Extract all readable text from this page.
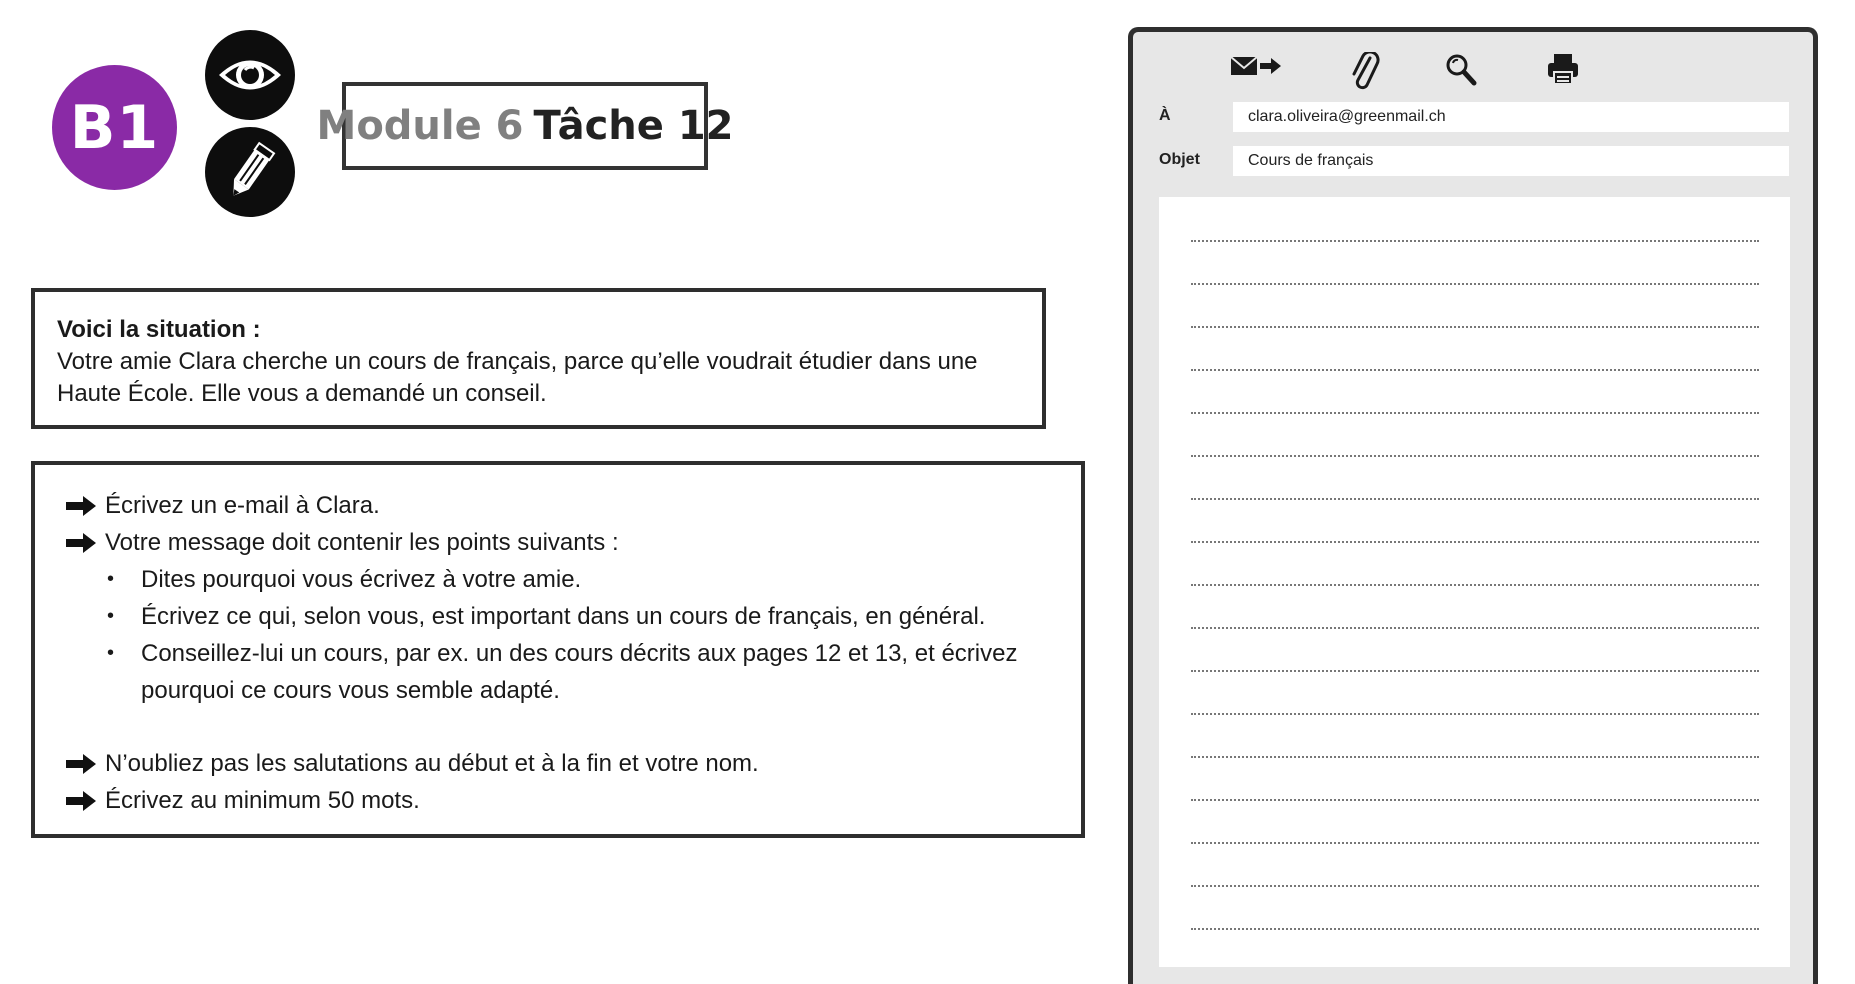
B1	Module 6 Tâche 12
Voici la situation :
Votre amie Clara cherche un cours de français, parce qu’elle voudrait étudier dans une Haute École. Elle vous a demandé un conseil.
Écrivez un e-mail à Clara.
Votre message doit contenir les points suivants :
•	Dites pourquoi vous écrivez à votre amie.
•	Écrivez ce qui, selon vous, est important dans un cours de français, en général.
•	Conseillez-lui un cours, par ex. un des cours décrits aux pages 12 et 13, et écrivez
pourquoi ce cours vous semble adapté.
N’oubliez pas les salutations au début et à la fin et votre nom.
Écrivez au minimum 50 mots.
À	clara.oliveira@greenmail.ch
Objet	Cours de français
